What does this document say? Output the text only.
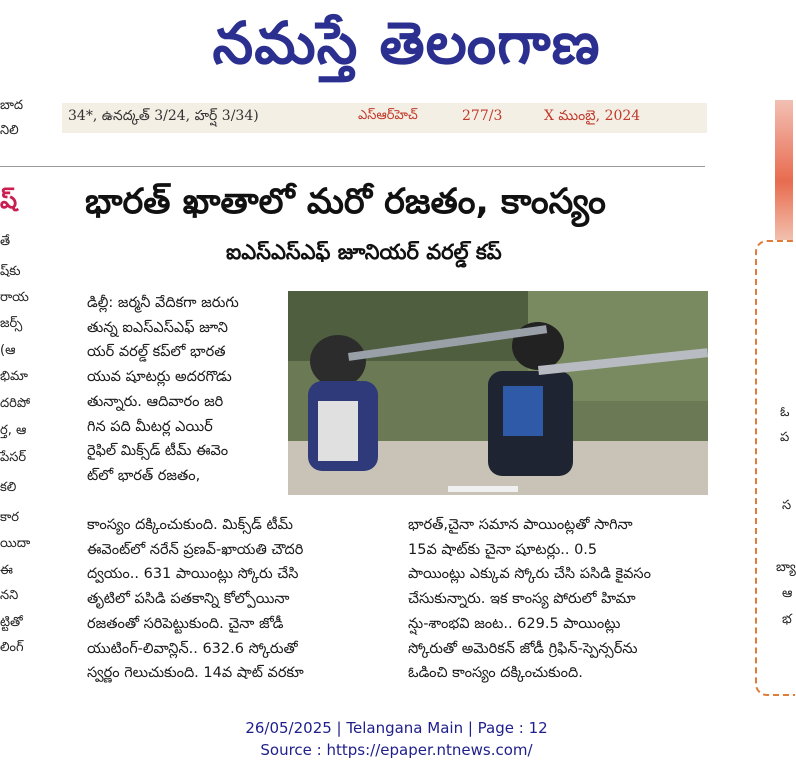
నమస్తే తెలంగాణ
34*, ఉనద్కత్ 3/24, హర్ష్ 3/34)	ఎస్ఆర్‌హెచ్	277/3	X ముంబై, 2024
బాద
నిలి
ష్
తే
ష్‌కు
రాయ
జర్స్
(ఆ
భిమా
దరిపో
ర్త, ఆ
పేసర్
కలి
కార
యిదా
ఈ
నని
ట్టితో
లింగ్
భారత్ ఖాతాలో మరో రజతం, కాంస్యం
ఐఎస్ఎస్ఎఫ్ జూనియర్ వరల్డ్ కప్
డిల్లీ: జర్మనీ వేదికగా జరుగు
తున్న ఐఎస్ఎస్ఎఫ్ జూని
యర్ వరల్డ్ కప్‌లో భారత
యువ షూటర్లు అదరగొడు
తున్నారు. ఆదివారం జరి
గిన పది మీటర్ల ఎయిర్
రైఫిల్ మిక్స్‌డ్ టీమ్ ఈవెం
ట్‌లో భారత్ రజతం,
కాంస్యం దక్కించుకుంది. మిక్స్‌డ్ టీమ్
ఈవెంట్‌లో నరేన్ ప్రణవ్-ఖాయతి చౌదరి
ద్వయం.. 631 పాయింట్లు స్కోరు చేసి
తృటిలో పసిడి పతకాన్ని కోల్పోయినా
రజతంతో సరిపెట్టుకుంది. చైనా జోడీ
యుటింగ్-లివాన్లిన్.. 632.6 స్కోరుతో
స్వర్ణం గెలుచుకుంది. 14వ షాట్ వరకూ
భారత్,చైనా సమాన పాయింట్లతో సాగినా
15వ షాట్‌కు చైనా షూటర్లు.. 0.5
పాయింట్లు ఎక్కువ స్కోరు చేసి పసిడి కైవసం
చేసుకున్నారు. ఇక కాంస్య పోరులో హిమా
న్షు-శాంభవి జంట.. 629.5 పాయింట్లు
స్కోరుతో అమెరికన్ జోడీ గ్రిఫిన్-స్పెన్సర్‌ను
ఓడించి కాంస్యం దక్కించుకుంది.
ఓ
ప
స
బ్యా
ఆ
భ
26/05/2025 | Telangana Main | Page : 12
Source : https://epaper.ntnews.com/
